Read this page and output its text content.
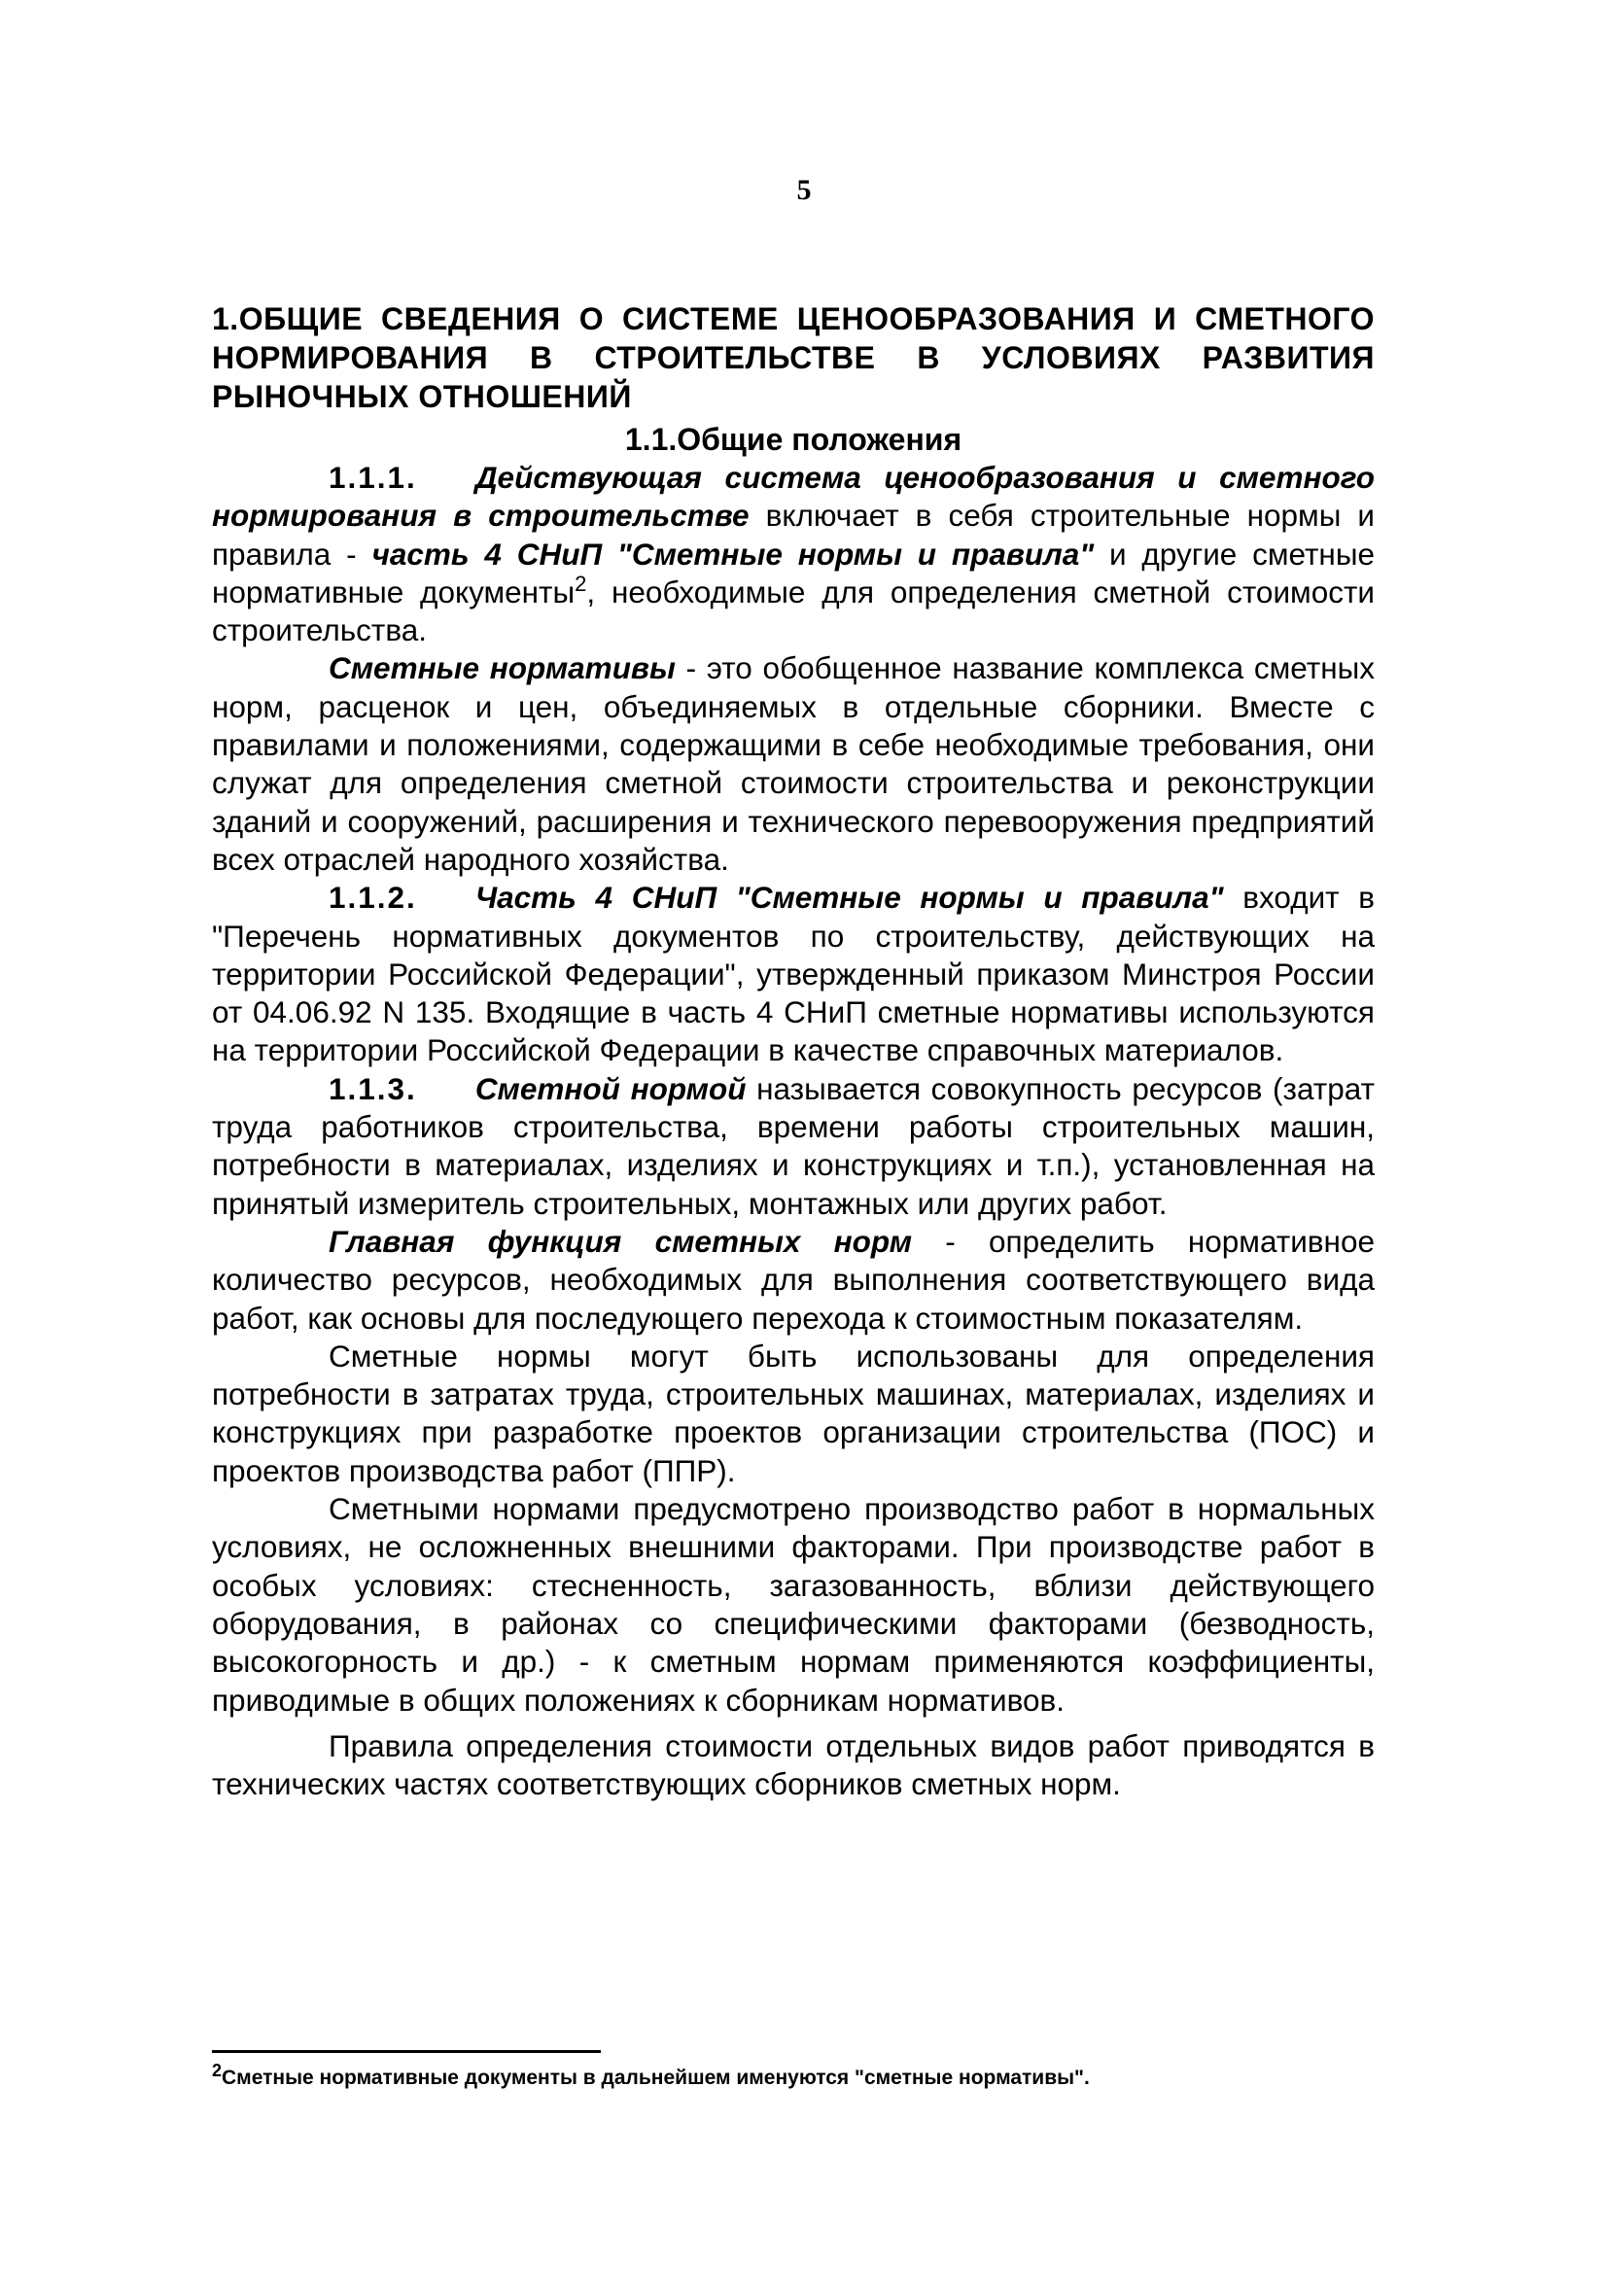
5
1.ОБЩИЕ СВЕДЕНИЯ О СИСТЕМЕ ЦЕНООБРАЗОВАНИЯ И СМЕТНОГО НОРМИРОВАНИЯ В СТРОИТЕЛЬСТВЕ В УСЛОВИЯХ РАЗВИТИЯ РЫНОЧНЫХ ОТНОШЕНИЙ
1.1.Общие положения

1.1.1. Действующая система ценообразования и сметного нормирования в строительстве включает в себя строительные нормы и правила - часть 4 СНиП "Сметные нормы и правила" и другие сметные нормативные документы$^2$, необходимые для определения сметной стоимости строительства.

Сметные нормативы - это обобщенное название комплекса сметных норм, расценок и цен, объединяемых в отдельные сборники. Вместе с правилами и положениями, содержащими в себе необходимые требования, они служат для определения сметной стоимости строительства и реконструкции зданий и сооружений, расширения и технического перевооружения предприятий всех отраслей народного хозяйства.

1.1.2. Часть 4 СНиП "Сметные нормы и правила" входит в "Перечень нормативных документов по строительству, действующих на территории Российской Федерации", утвержденный приказом Минстроя России от 04.06.92 N 135. Входящие в часть 4 СНиП сметные нормативы используются на территории Российской Федерации в качестве справочных материалов.

1.1.3. Сметной нормой называется совокупность ресурсов (затрат труда работников строительства, времени работы строительных машин, потребности в материалах, изделиях и конструкциях и т.п.), установленная на принятый измеритель строительных, монтажных или других работ.

Главная функция сметных норм - определить нормативное количество ресурсов, необходимых для выполнения соответствующего вида работ, как основы для последующего перехода к стоимостным показателям.

Сметные нормы могут быть использованы для определения потребности в затратах труда, строительных машинах, материалах, изделиях и конструкциях при разработке проектов организации строительства (ПОС) и проектов производства работ (ППР).

Сметными нормами предусмотрено производство работ в нормальных условиях, не осложненных внешними факторами. При производстве работ в особых условиях: стесненность, загазованность, вблизи действующего оборудования, в районах со специфическими факторами (безводность, высокогорность и др.) - к сметным нормам применяются коэффициенты, приводимые в общих положениях к сборникам нормативов.

Правила определения стоимости отдельных видов работ приводятся в технических частях соответствующих сборников сметных норм.

$^2$Сметные нормативные документы в дальнейшем именуются "сметные нормативы".
